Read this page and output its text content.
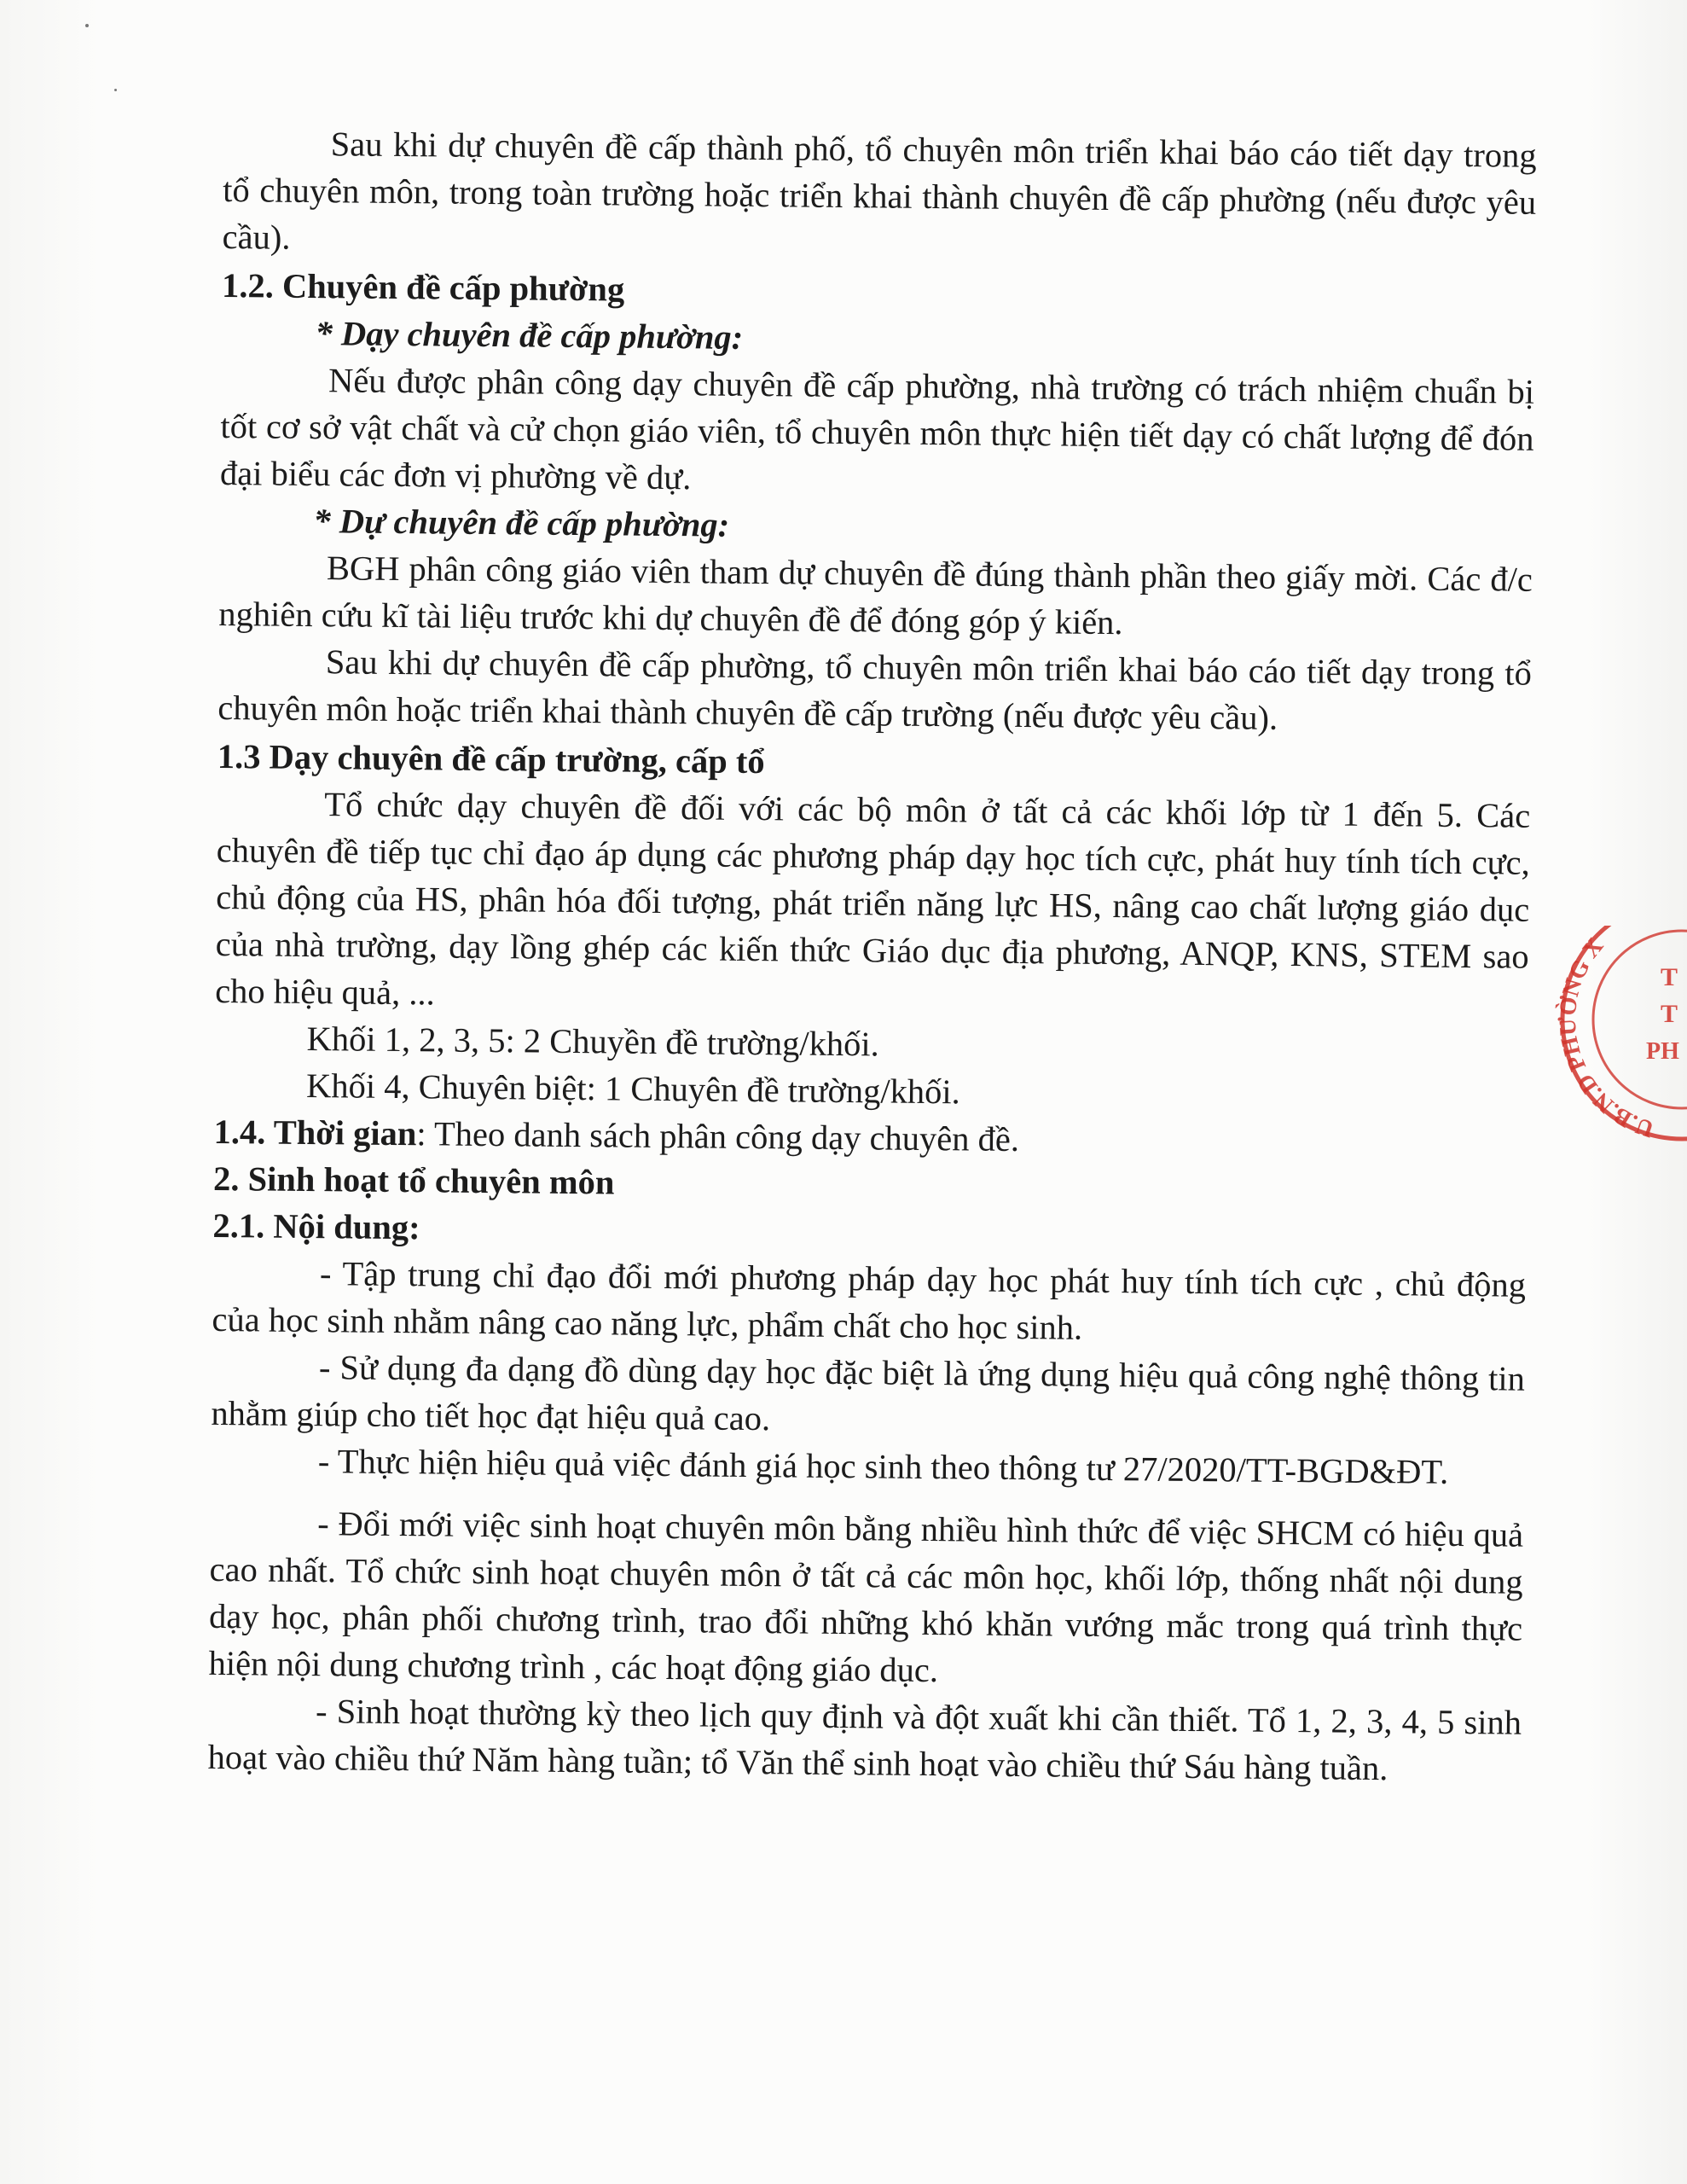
Sau khi dự chuyên đề cấp thành phố, tổ chuyên môn triển khai báo cáo tiết dạy trong tổ chuyên môn, trong toàn trường hoặc triển khai thành chuyên đề cấp phường (nếu được yêu cầu).

1.2. Chuyên đề cấp phường

* Dạy chuyên đề cấp phường:

Nếu được phân công dạy chuyên đề cấp phường, nhà trường có trách nhiệm chuẩn bị tốt cơ sở vật chất và cử chọn giáo viên, tổ chuyên môn thực hiện tiết dạy có chất lượng để đón đại biểu các đơn vị phường về dự.

* Dự chuyên đề cấp phường:

BGH phân công giáo viên tham dự chuyên đề đúng thành phần theo giấy mời. Các đ/c nghiên cứu kĩ tài liệu trước khi dự chuyên đề để đóng góp ý kiến.

Sau khi dự chuyên đề cấp phường, tổ chuyên môn triển khai báo cáo tiết dạy trong tổ chuyên môn hoặc triển khai thành chuyên đề cấp trường (nếu được yêu cầu).

1.3 Dạy chuyên đề cấp trường, cấp tổ

Tổ chức dạy chuyên đề đối với các bộ môn ở tất cả các khối lớp từ 1 đến 5. Các chuyên đề tiếp tục chỉ đạo áp dụng các phương pháp dạy học tích cực, phát huy tính tích cực, chủ động của HS, phân hóa đối tượng, phát triển năng lực HS, nâng cao chất lượng giáo dục của nhà trường, dạy lồng ghép các kiến thức Giáo dục địa phương, ANQP, KNS, STEM sao cho hiệu quả, ...

Khối 1, 2, 3, 5: 2 Chuyền đề trường/khối.

Khối 4, Chuyên biệt: 1 Chuyên đề trường/khối.

1.4. Thời gian: Theo danh sách phân công dạy chuyên đề.

2. Sinh hoạt tổ chuyên môn

2.1. Nội dung:

- Tập trung chỉ đạo đổi mới phương pháp dạy học phát huy tính tích cực , chủ động của học sinh nhằm nâng cao năng lực, phẩm chất cho học sinh.

- Sử dụng đa dạng đồ dùng dạy học đặc biệt là ứng dụng hiệu quả công nghệ thông tin nhằm giúp cho tiết học đạt hiệu quả cao.

- Thực hiện hiệu quả việc đánh giá học sinh theo thông tư 27/2020/TT-BGD&ĐT.

- Đổi mới việc sinh hoạt chuyên môn bằng nhiều hình thức để việc SHCM có hiệu quả cao nhất. Tổ chức sinh hoạt chuyên môn ở tất cả các môn học, khối lớp, thống nhất nội dung dạy học, phân phối chương trình, trao đổi những khó khăn vướng mắc trong quá trình thực hiện nội dung chương trình , các hoạt động giáo dục.

- Sinh hoạt thường kỳ theo lịch quy định và đột xuất khi cần thiết. Tổ 1, 2, 3, 4, 5 sinh hoạt vào chiều thứ Năm hàng tuần; tổ Văn thể sinh hoạt vào chiều thứ Sáu hàng tuần.

U.B.N.D PHƯỜNG X
T
T
PH
